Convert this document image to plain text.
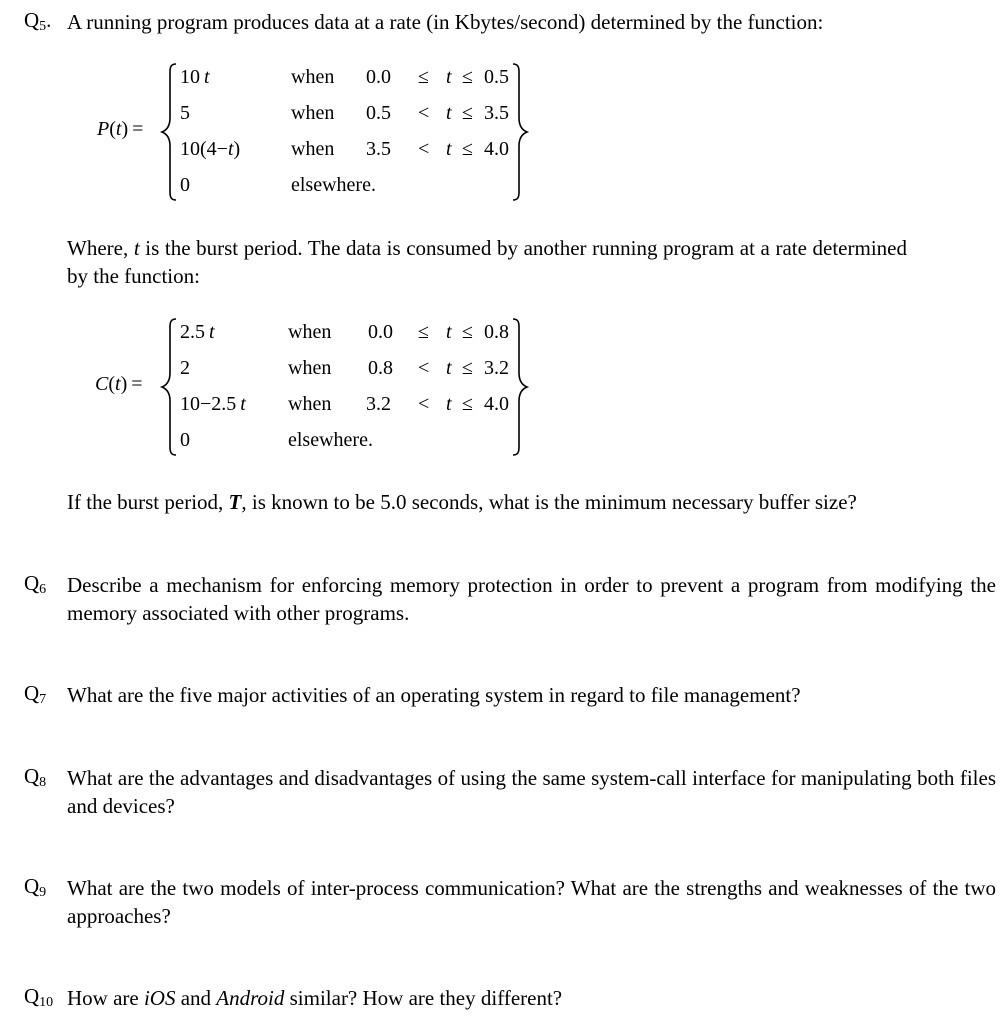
$Q_5$. A running program produces data at a rate (in Kbytes/second) determined by the function:
P(t) =
10  t	when 0.0 ≤ t ≤ 0.5
5	when 0.5 < t ≤ 3.5
10(4−t)	when 3.5 < t ≤ 4.0
0	elsewhere.
Where, t is the burst period. The data is consumed by another running program at a rate determined by the function:
C(t) =
2.5  t	when 0.0 ≤ t ≤ 0.8
2	when 0.8 < t ≤ 3.2
10−2.5  t when 3.2 < t ≤ 4.0
0	elsewhere.
If the burst period, T, is known to be 5.0 seconds, what is the minimum necessary buffer size?
$Q_6$ Describe a mechanism for enforcing memory protection in order to prevent a program from modifying the memory associated with other programs.
$Q_7$ What are the five major activities of an operating system in regard to file management?
$Q_8$ What are the advantages and disadvantages of using the same system-call interface for manipulating both files and devices?
$Q_9$ What are the two models of inter-process communication? What are the strengths and weaknesses of the two approaches?
$Q_{10}$ How are iOS and Android similar? How are they different?
